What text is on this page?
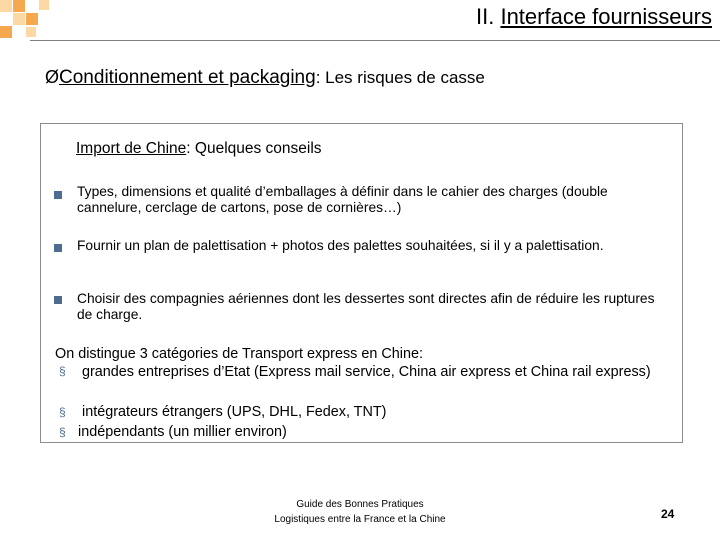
II. Interface fournisseurs
ØConditionnement et packaging: Les risques de casse
Import de Chine: Quelques conseils
Types, dimensions et qualité d’emballages à définir dans le cahier des charges (double cannelure, cerclage de cartons, pose de cornières…)
Fournir un plan de palettisation + photos des palettes souhaitées, si il y a palettisation.
Choisir des compagnies aériennes dont les dessertes sont directes afin de réduire les ruptures de charge.
On distingue 3 catégories de Transport express en Chine:
§ grandes entreprises d’Etat (Express mail service, China air express et China rail express)
§ intégrateurs étrangers (UPS, DHL, Fedex, TNT)
§ indépendants (un millier environ)
Guide des Bonnes Pratiques
Logistiques entre la France et la Chine	24
